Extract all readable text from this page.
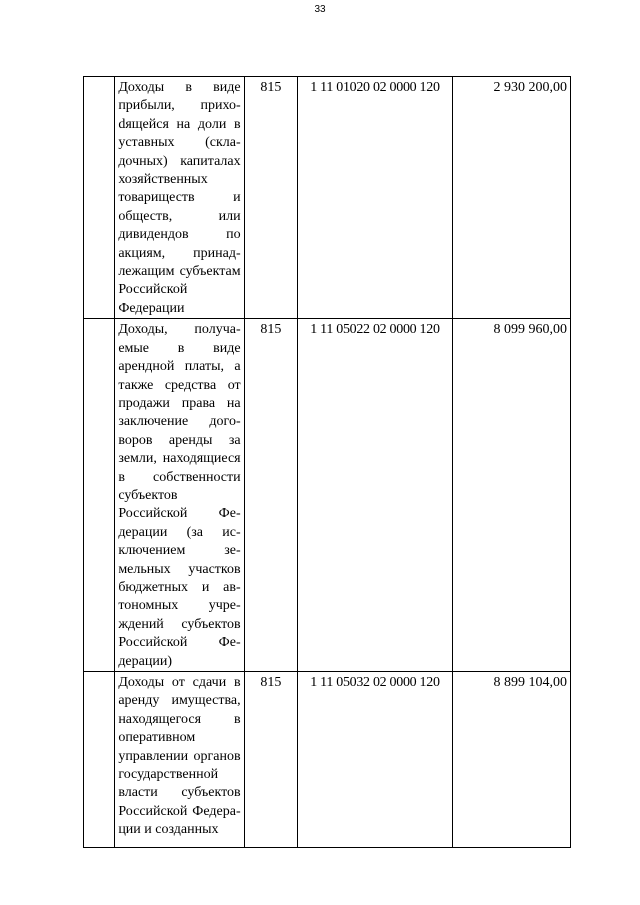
33

	Доходы в виде прибыли, прихоdящейся на доли в уставных (складочных) капиталах хозяйственных товариществ и обществ, или дивидендов по акциям, принадлежащим субъектам Российской Федерации	815	1 11 01020 02 0000 120	2 930 200,00

	Доходы, получаемые в виде арендной платы, а также средства от продажи права на заключение договоров аренды за земли, находящиеся в собственности субъектов Российской Федерации (за исключением земельных участков бюджетных и автономных учреждений субъектов Российской Федерации)	815	1 11 05022 02 0000 120	8 099 960,00

	Доходы от сдачи в аренду имущества, находящегося в оперативном управлении органов государственной власти субъектов Российской Федерации и созданных	815	1 11 05032 02 0000 120	8 899 104,00
